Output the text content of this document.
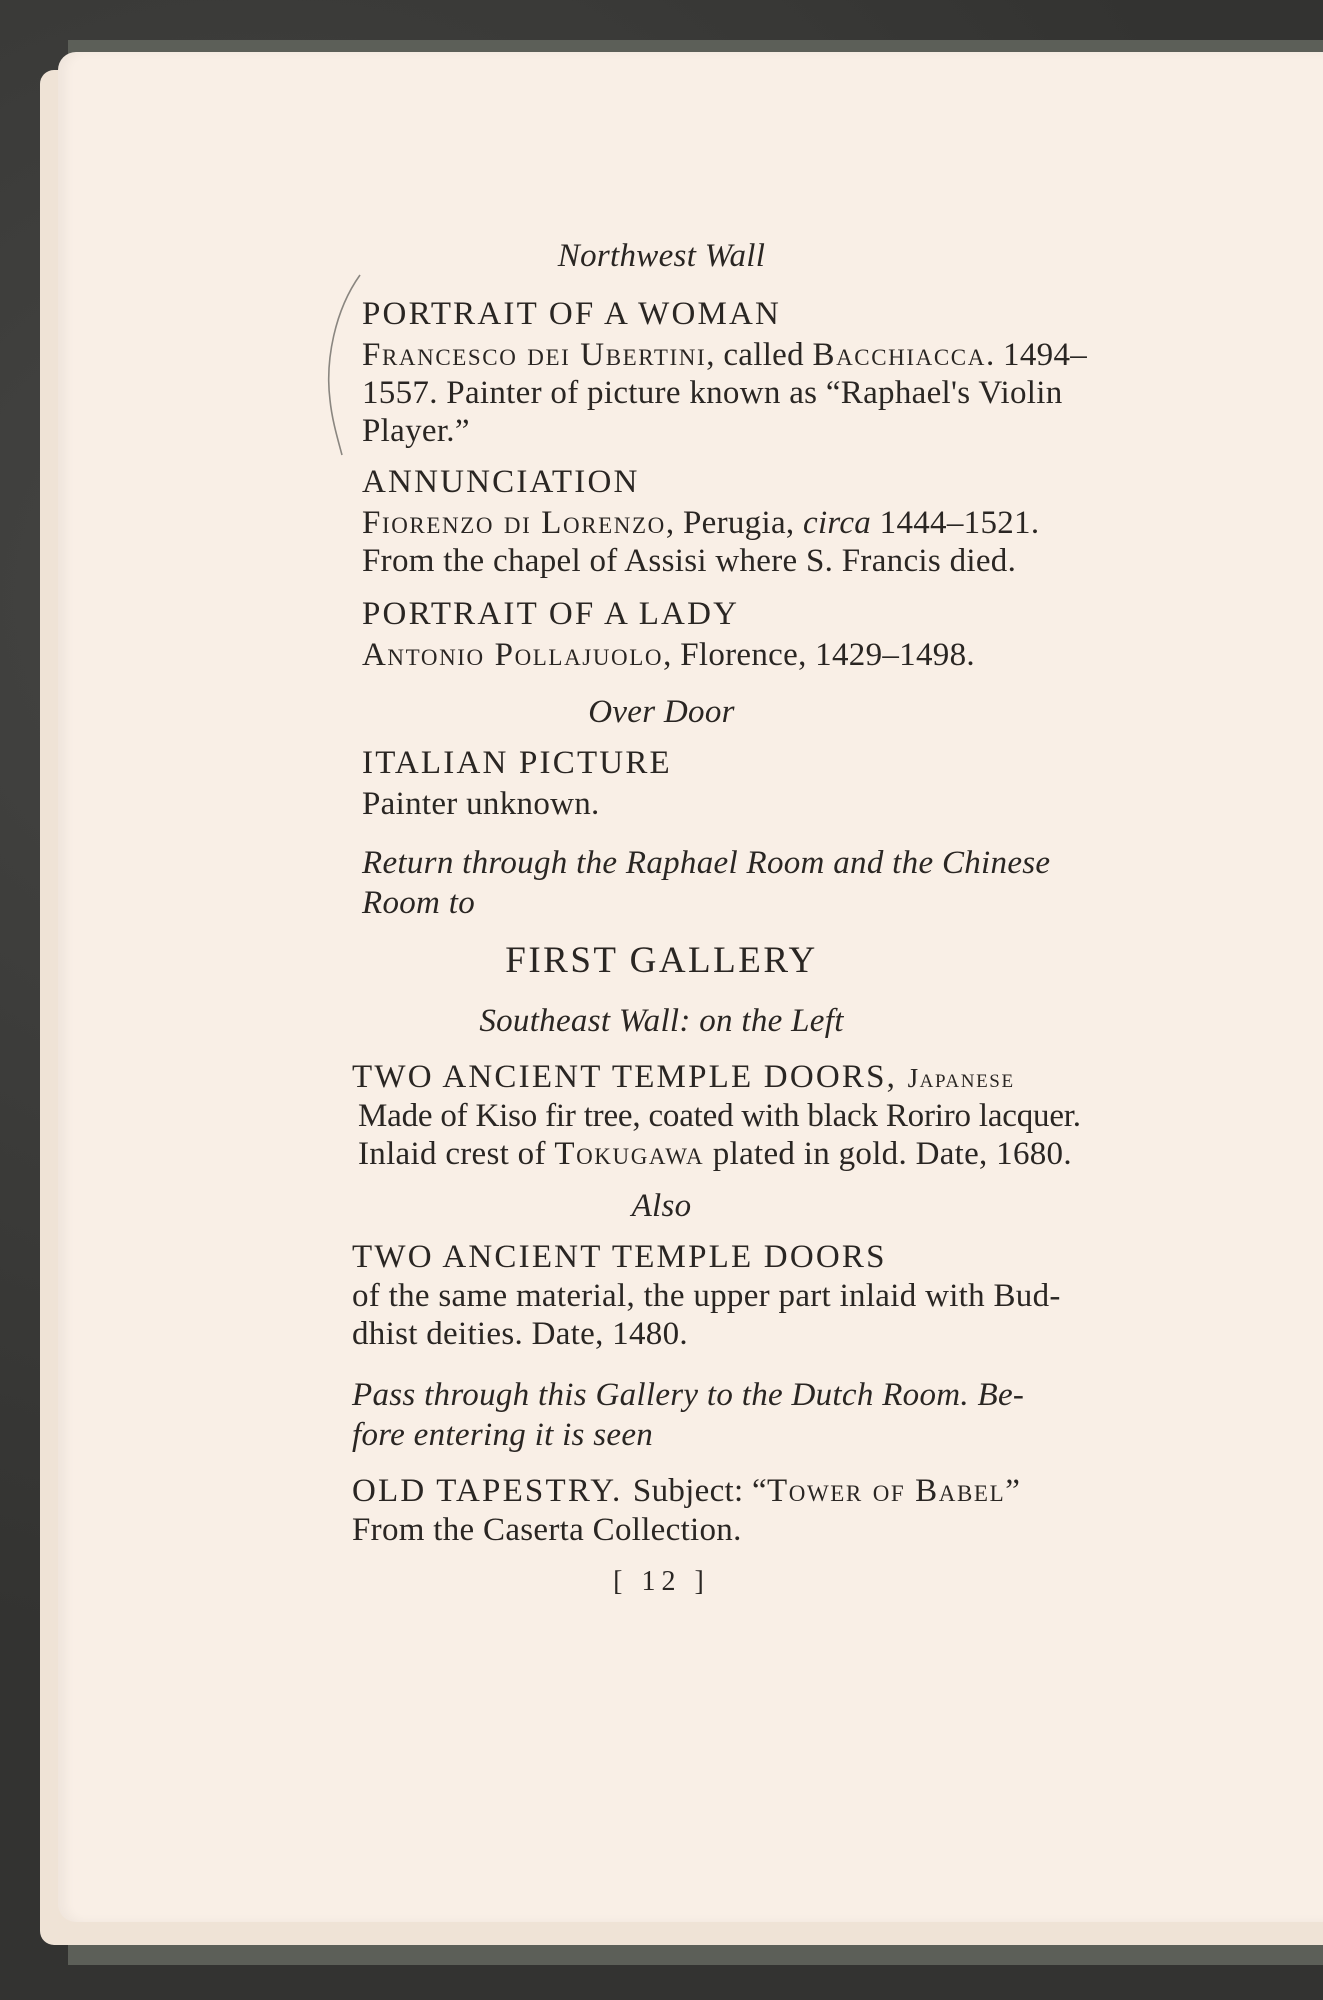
Northwest Wall
PORTRAIT OF A WOMAN
Francesco dei Ubertini, called Bacchiacca. 1494–
1557. Painter of picture known as “Raphael's Violin
Player.”
ANNUNCIATION
Fiorenzo di Lorenzo, Perugia, circa 1444–1521.
From the chapel of Assisi where S. Francis died.
PORTRAIT OF A LADY
Antonio Pollajuolo, Florence, 1429–1498.
Over Door
ITALIAN PICTURE
Painter unknown.
Return through the Raphael Room and the Chinese
Room to
FIRST GALLERY
Southeast Wall: on the Left
TWO ANCIENT TEMPLE DOORS, Japanese
Made of Kiso fir tree, coated with black Roriro lacquer.
Inlaid crest of Tokugawa plated in gold. Date, 1680.
Also
TWO ANCIENT TEMPLE DOORS
of the same material, the upper part inlaid with Bud-
dhist deities. Date, 1480.
Pass through this Gallery to the Dutch Room. Be-
fore entering it is seen
OLD TAPESTRY. Subject: “Tower of Babel”
From the Caserta Collection.
[ 12 ]
